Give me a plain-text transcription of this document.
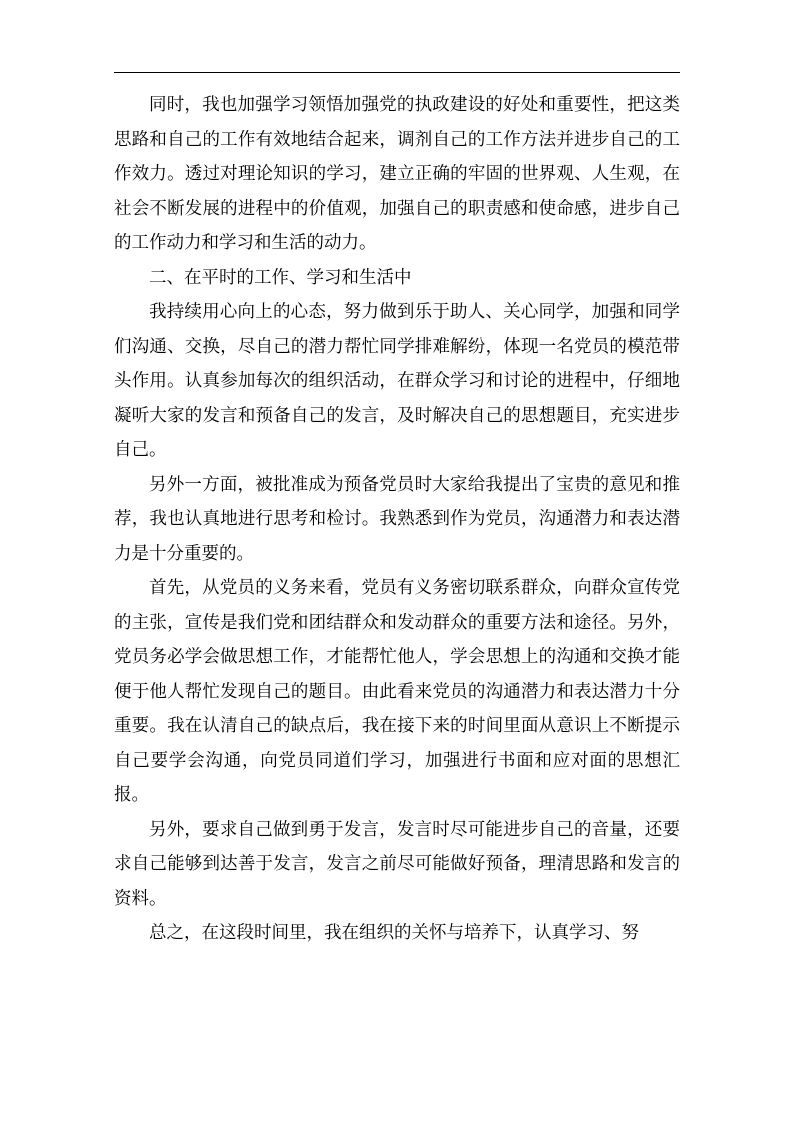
同时，我也加强学习领悟加强党的执政建设的好处和重要性，把这类思路和自己的工作有效地结合起来，调剂自己的工作方法并进步自己的工作效力。透过对理论知识的学习，建立正确的牢固的世界观、人生观，在社会不断发展的进程中的价值观，加强自己的职责感和使命感，进步自己的工作动力和学习和生活的动力。

二、在平时的工作、学习和生活中

我持续用心向上的心态，努力做到乐于助人、关心同学，加强和同学们沟通、交换，尽自己的潜力帮忙同学排难解纷，体现一名党员的模范带头作用。认真参加每次的组织活动，在群众学习和讨论的进程中，仔细地凝听大家的发言和预备自己的发言，及时解决自己的思想题目，充实进步自己。

另外一方面，被批准成为预备党员时大家给我提出了宝贵的意见和推荐，我也认真地进行思考和检讨。我熟悉到作为党员，沟通潜力和表达潜力是十分重要的。

首先，从党员的义务来看，党员有义务密切联系群众，向群众宣传党的主张，宣传是我们党和团结群众和发动群众的重要方法和途径。另外，党员务必学会做思想工作，才能帮忙他人，学会思想上的沟通和交换才能便于他人帮忙发现自己的题目。由此看来党员的沟通潜力和表达潜力十分重要。我在认清自己的缺点后，我在接下来的时间里面从意识上不断提示自己要学会沟通，向党员同道们学习，加强进行书面和应对面的思想汇报。

另外，要求自己做到勇于发言，发言时尽可能进步自己的音量，还要求自己能够到达善于发言，发言之前尽可能做好预备，理清思路和发言的资料。

总之，在这段时间里，我在组织的关怀与培养下，认真学习、努
